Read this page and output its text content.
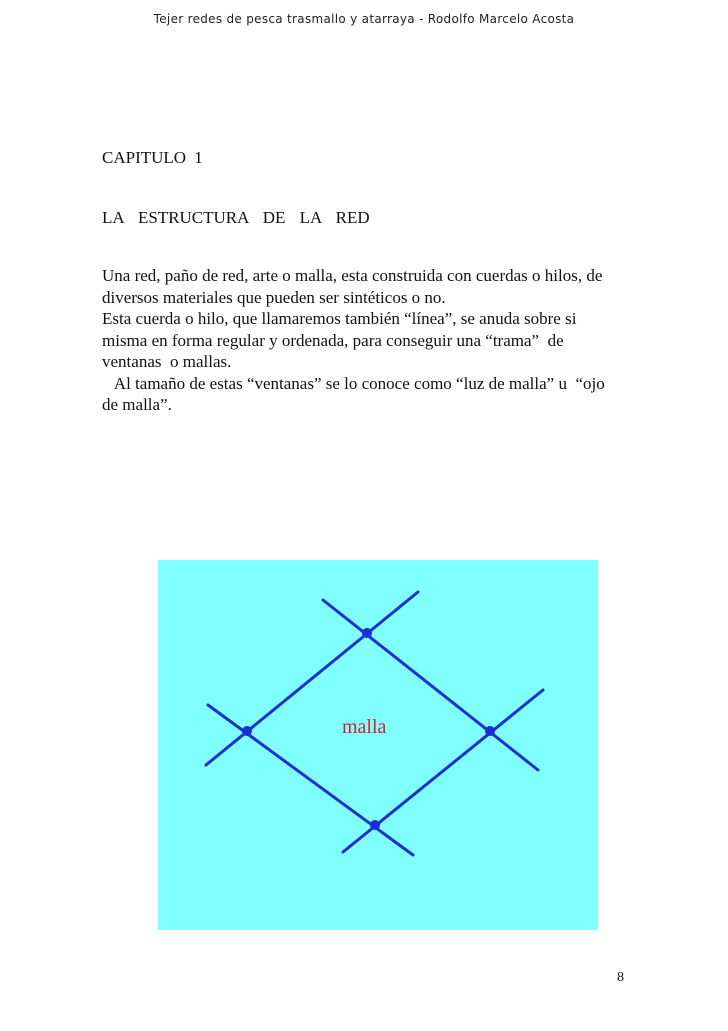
Tejer redes de pesca trasmallo y atarraya - Rodolfo Marcelo Acosta
CAPITULO 1
LA ESTRUCTURA DE LA RED

Una red, paño de red, arte o malla, esta construida con cuerdas o hilos, de

diversos materiales que pueden ser sintéticos o no.

Esta cuerda o hilo, que llamaremos también “línea”, se anuda sobre si

misma en forma regular y ordenada, para conseguir una “trama”  de

ventanas  o mallas.

Al tamaño de estas “ventanas” se lo conoce como “luz de malla” u  “ojo

de malla”.

malla
8
